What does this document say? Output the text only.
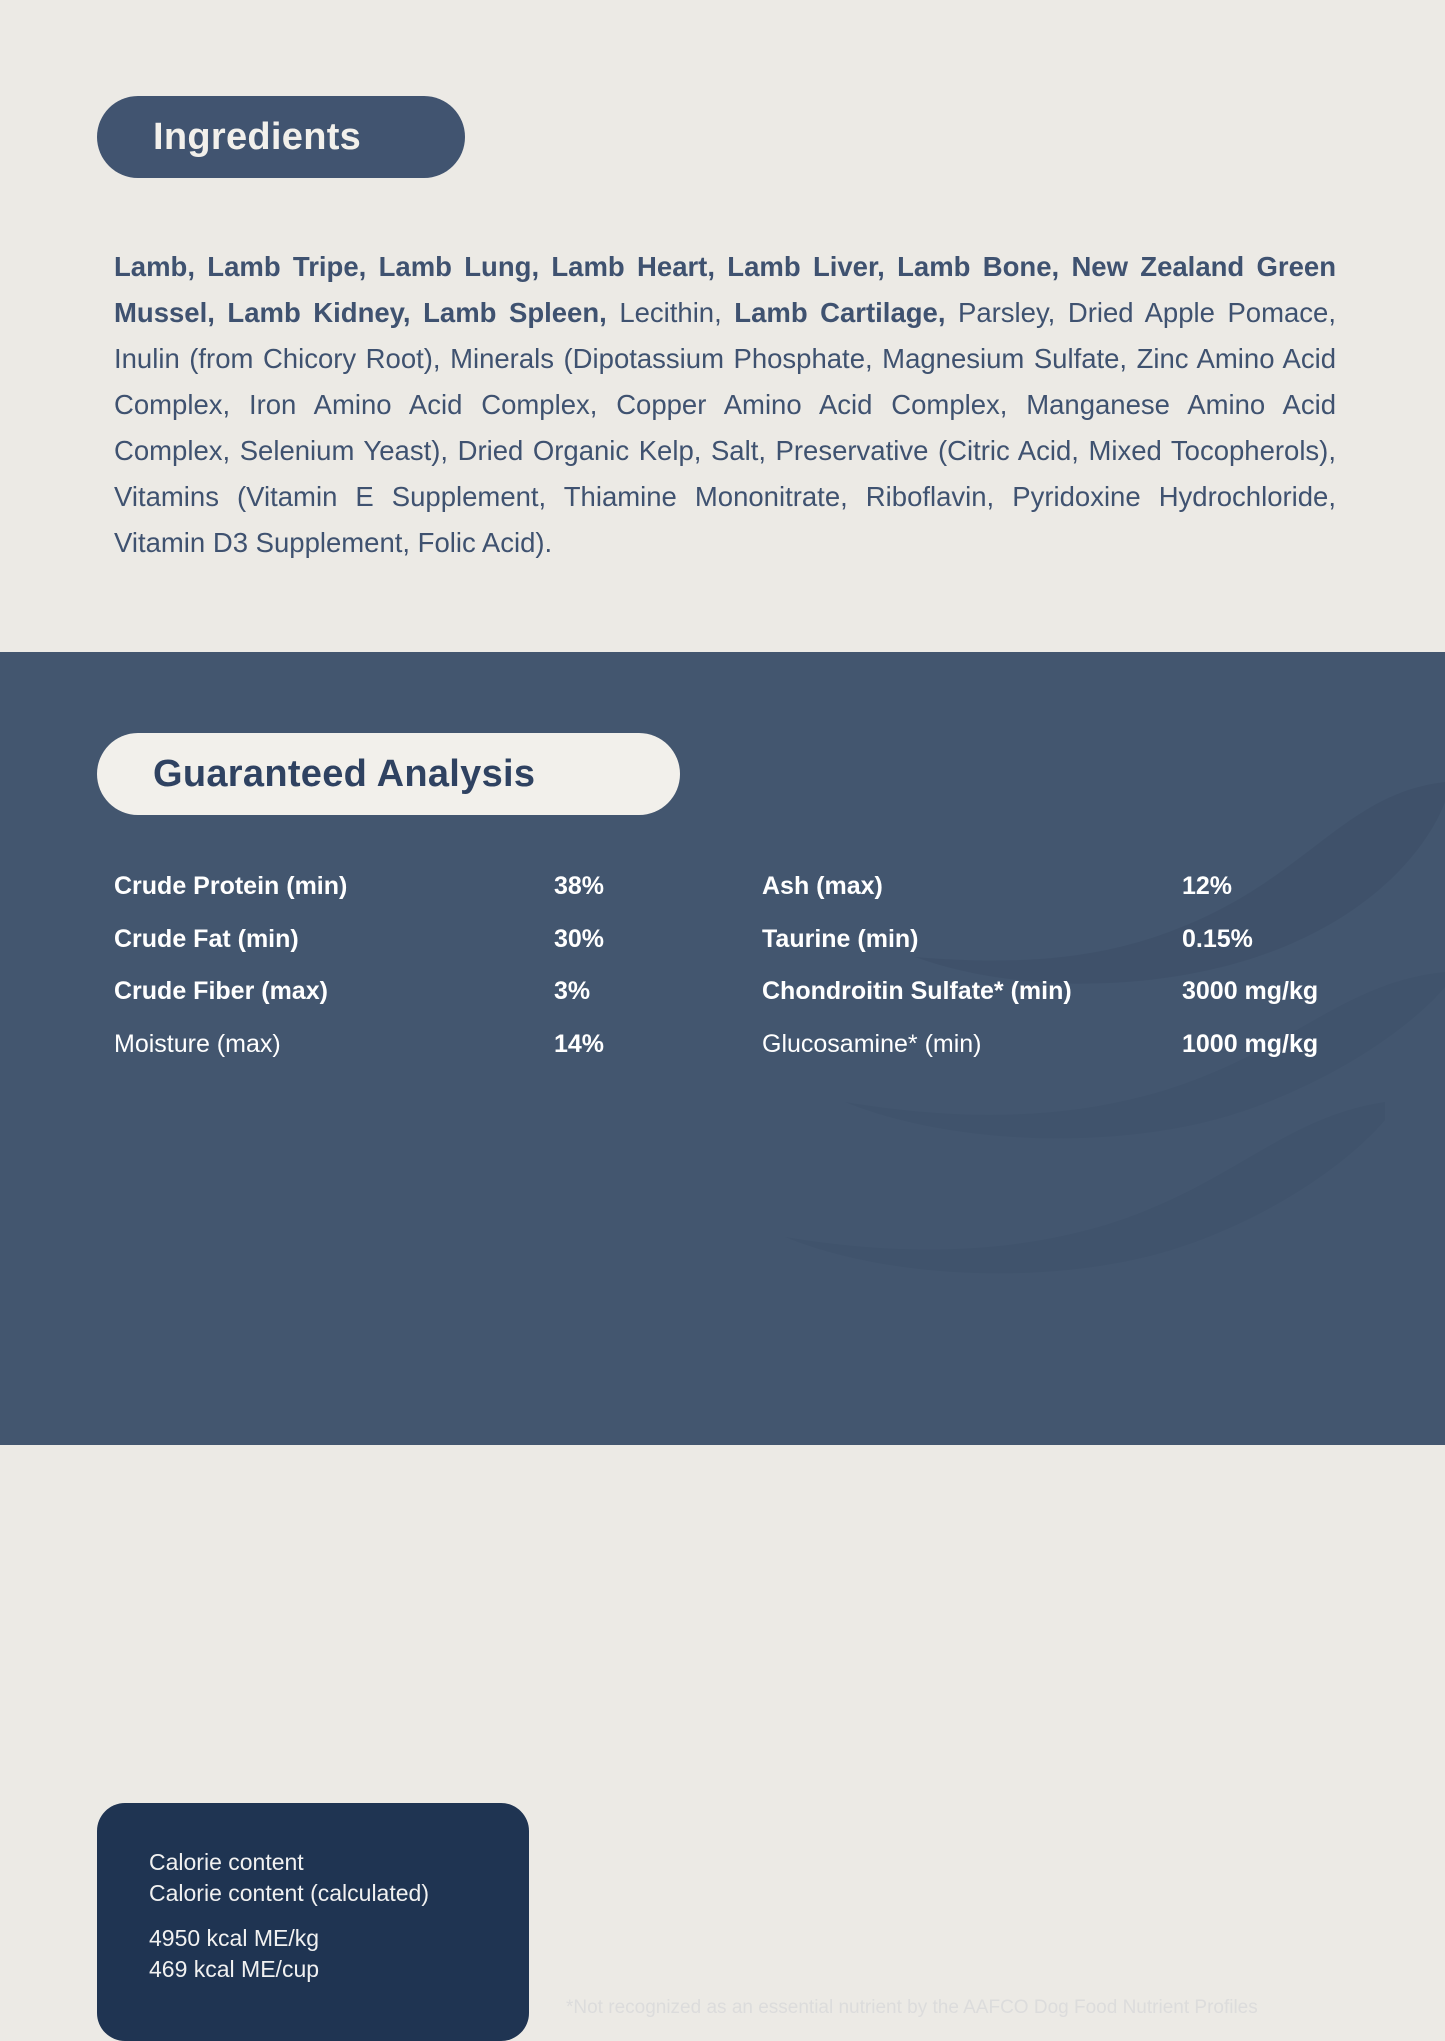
Ingredients

Lamb, Lamb Tripe, Lamb Lung, Lamb Heart, Lamb Liver, Lamb Bone, New Zealand Green Mussel, Lamb Kidney, Lamb Spleen, Lecithin, Lamb Cartilage, Parsley, Dried Apple Pomace, Inulin (from Chicory Root), Minerals (Dipotassium Phosphate, Magnesium Sulfate, Zinc Amino Acid Complex, Iron Amino Acid Complex, Copper Amino Acid Complex, Manganese Amino Acid Complex, Selenium Yeast), Dried Organic Kelp, Salt, Preservative (Citric Acid, Mixed Tocopherols), Vitamins (Vitamin E Supplement, Thiamine Mononitrate, Riboflavin, Pyridoxine Hydrochloride, Vitamin D3 Supplement, Folic Acid).

Guaranteed Analysis
Crude Protein (min)	38%	Ash (max)	12%
Crude Fat (min)	30%	Taurine (min)	0.15%
Crude Fiber (max)	3%	Chondroitin Sulfate* (min)	3000 mg/kg
Moisture (max)	14%	Glucosamine* (min)	1000 mg/kg
Calorie content
Calorie content (calculated)
4950 kcal ME/kg
469 kcal ME/cup
*Not recognized as an essential nutrient by the AAFCO Dog Food Nutrient Profiles
